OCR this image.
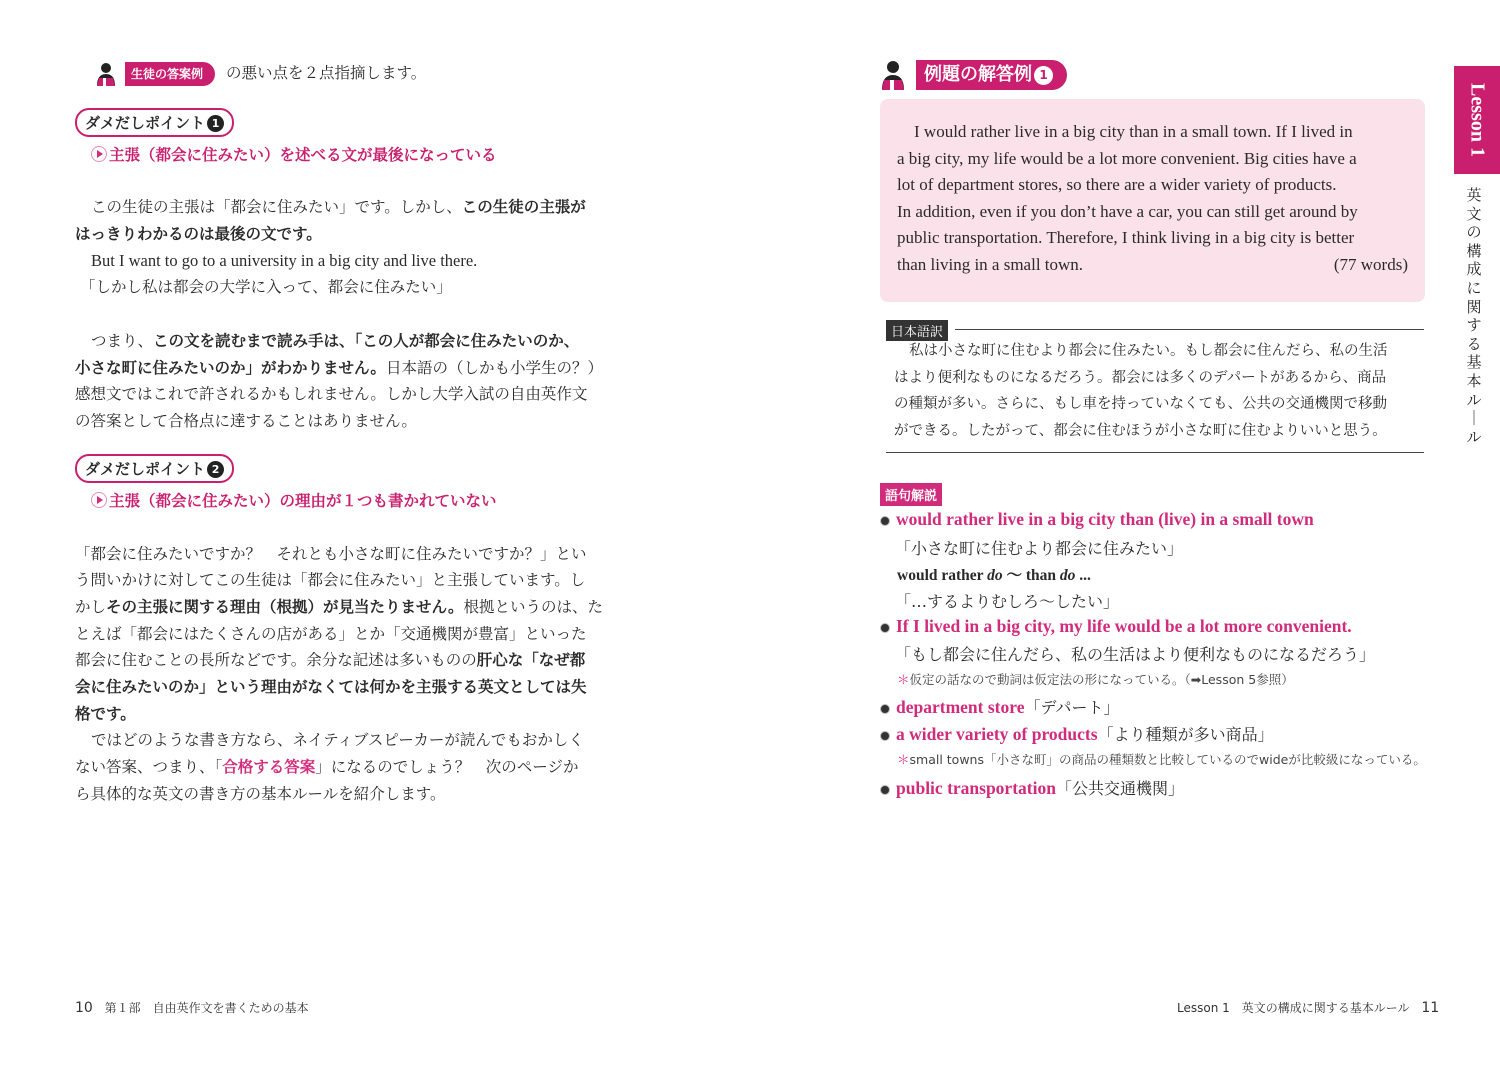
生徒の答案例	の悪い点を２点指摘します。
ダメだしポイント 1
主張（都会に住みたい）を述べる文が最後になっている
この生徒の主張は「都会に住みたい」です。しかし、この生徒の主張が
はっきりわかるのは最後の文です。
But I want to go to a university in a big city and live there.
「しかし私は都会の大学に入って、都会に住みたい」
つまり、この文を読むまで読み手は、「この人が都会に住みたいのか、
小さな町に住みたいのか」がわかりません。日本語の（しかも小学生の？）
感想文ではこれで許されるかもしれません。しかし大学入試の自由英作文
の答案として合格点に達することはありません。
ダメだしポイント 2
主張（都会に住みたい）の理由が１つも書かれていない
「都会に住みたいですか？　それとも小さな町に住みたいですか？」とい
う問いかけに対してこの生徒は「都会に住みたい」と主張しています。し
かしその主張に関する理由（根拠）が見当たりません。根拠というのは、た
とえば「都会にはたくさんの店がある」とか「交通機関が豊富」といった
都会に住むことの長所などです。余分な記述は多いものの肝心な「なぜ都
会に住みたいのか」という理由がなくては何かを主張する英文としては失
格です。
ではどのような書き方なら、ネイティブスピーカーが読んでもおかしく
ない答案、つまり、「合格する答案」になるのでしょう？　次のページか
ら具体的な英文の書き方の基本ルールを紹介します。
10 第１部　自由英作文を書くための基本
例題の解答例 1

I would rather live in a big city than in a small town. If I lived in

a big city, my life would be a lot more convenient. Big cities have a

lot of department stores, so there are a wider variety of products.

In addition, even if you don’t have a car, you can still get around by

public transportation. Therefore, I think living in a big city is better

than living in a small town.	(77 words)

日本語訳
私は小さな町に住むより都会に住みたい。もし都会に住んだら、私の生活
はより便利なものになるだろう。都会には多くのデパートがあるから、商品
の種類が多い。さらに、もし車を持っていなくても、公共の交通機関で移動
ができる。したがって、都会に住むほうが小さな町に住むよりいいと思う。
語句解説
would rather live in a big city than (live) in a small town
「小さな町に住むより都会に住みたい」
would rather do ～ than do ...
「…するよりむしろ～したい」
If I lived in a big city, my life would be a lot more convenient.
「もし都会に住んだら、私の生活はより便利なものになるだろう」
＊仮定の話なので動詞は仮定法の形になっている。（➡Lesson 5参照）
department store「デパート」
a wider variety of products「より種類が多い商品」
＊small towns「小さな町」の商品の種類数と比較しているのでwideが比較級になっている。
public transportation「公共交通機関」
Lesson 1
英
文
の
構
成
に
関
す
る
基
本
ル
｜
ル
Lesson 1　英文の構成に関する基本ルール 11
